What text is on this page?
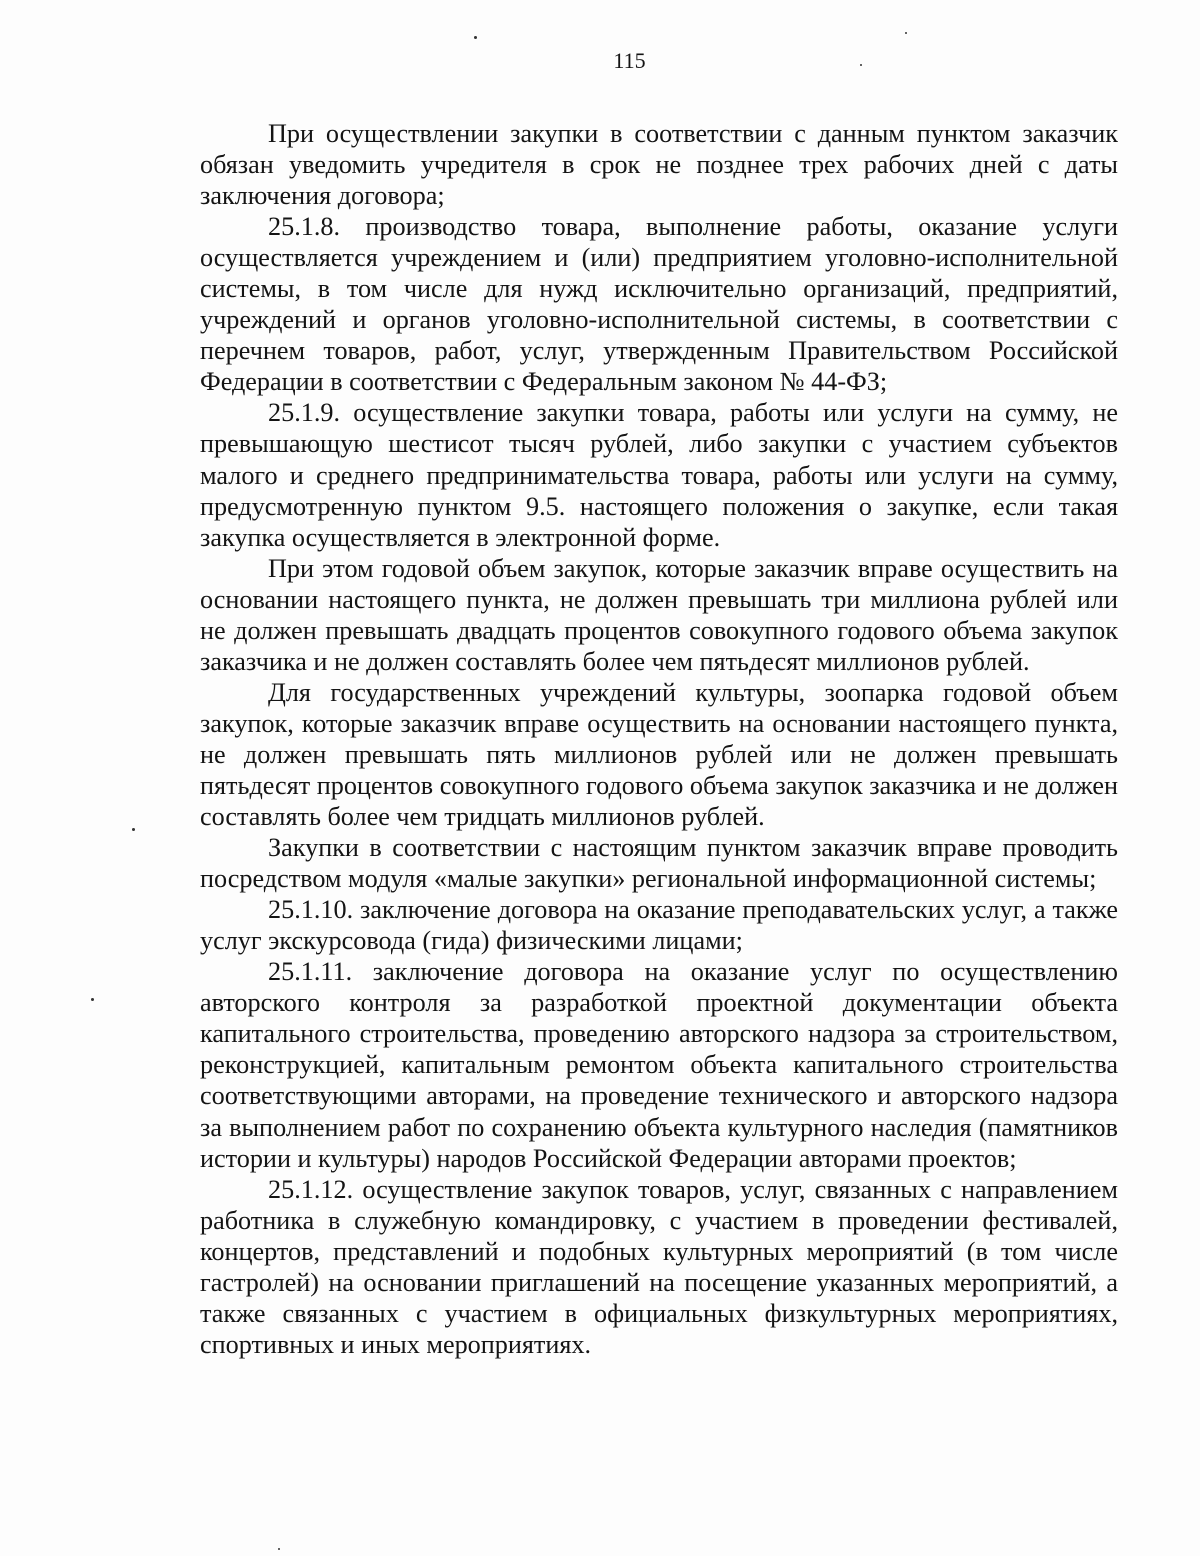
115

При осуществлении закупки в соответствии с данным пунктом заказчик обязан уведомить учредителя в срок не позднее трех рабочих дней с даты заключения договора;

25.1.8. производство товара, выполнение работы, оказание услуги осуществляется учреждением и (или) предприятием уголовно-исполнительной системы, в том числе для нужд исключительно организаций, предприятий, учреждений и органов уголовно-исполнительной системы, в соответствии с перечнем товаров, работ, услуг, утвержденным Правительством Российской Федерации в соответствии с Федеральным законом № 44-ФЗ;

25.1.9. осуществление закупки товара, работы или услуги на сумму, не превышающую шестисот тысяч рублей, либо закупки с участием субъектов малого и среднего предпринимательства товара, работы или услуги на сумму, предусмотренную пунктом 9.5. настоящего положения о закупке, если такая закупка осуществляется в электронной форме.

При этом годовой объем закупок, которые заказчик вправе осуществить на основании настоящего пункта, не должен превышать три миллиона рублей или не должен превышать двадцать процентов совокупного годового объема закупок заказчика и не должен составлять более чем пятьдесят миллионов рублей.

Для государственных учреждений культуры, зоопарка годовой объем закупок, которые заказчик вправе осуществить на основании настоящего пункта, не должен превышать пять миллионов рублей или не должен превышать пятьдесят процентов совокупного годового объема закупок заказчика и не должен составлять более чем тридцать миллионов рублей.

Закупки в соответствии с настоящим пунктом заказчик вправе проводить посредством модуля «малые закупки» региональной информационной системы;

25.1.10. заключение договора на оказание преподавательских услуг, а также услуг экскурсовода (гида) физическими лицами;

25.1.11. заключение договора на оказание услуг по осуществлению авторского контроля за разработкой проектной документации объекта капитального строительства, проведению авторского надзора за строительством, реконструкцией, капитальным ремонтом объекта капитального строительства соответствующими авторами, на проведение технического и авторского надзора за выполнением работ по сохранению объекта культурного наследия (памятников истории и культуры) народов Российской Федерации авторами проектов;

25.1.12. осуществление закупок товаров, услуг, связанных с направлением работника в служебную командировку, с участием в проведении фестивалей, концертов, представлений и подобных культурных мероприятий (в том числе гастролей) на основании приглашений на посещение указанных мероприятий, а также связанных с участием в официальных физкультурных мероприятиях, спортивных и иных мероприятиях.
